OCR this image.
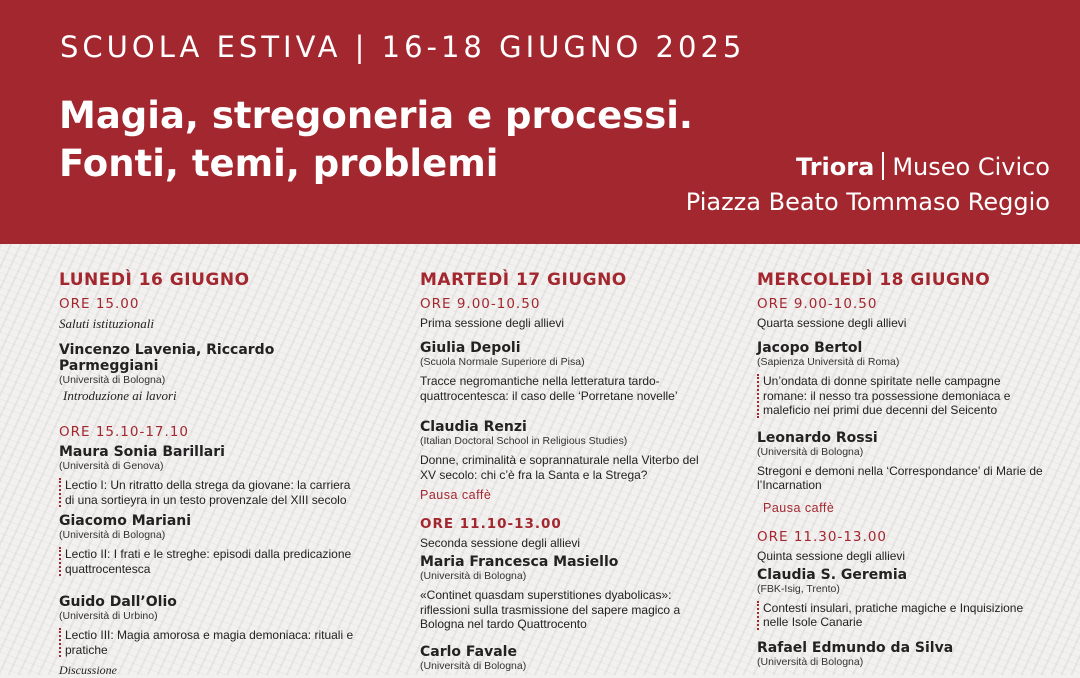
SCUOLA ESTIVA | 16-18 GIUGNO 2025
Magia, stregoneria e processi.
Fonti, temi, problemi	Triora Museo Civico
Piazza Beato Tommaso Reggio
LUNEDÌ 16 GIUGNO
ORE 15.00
Saluti istituzionali
Vincenzo Lavenia, Riccardo Parmeggiani
(Università di Bologna)
Introduzione ai lavori
ORE 15.10-17.10
Maura Sonia Barillari
(Università di Genova)
Lectio I: Un ritratto della strega da giovane: la carriera di una sortieyra in un testo provenzale del XIII secolo
Giacomo Mariani
(Università di Bologna)
Lectio II: I frati e le streghe: episodi dalla predicazione quattrocentesca
Guido Dall’Olio
(Università di Urbino)
Lectio III: Magia amorosa e magia demoniaca: rituali e pratiche
Discussione
MARTEDÌ 17 GIUGNO
ORE 9.00-10.50
Prima sessione degli allievi
Giulia Depoli
(Scuola Normale Superiore di Pisa)
Tracce negromantiche nella letteratura tardo-quattrocentesca: il caso delle ‘Porretane novelle’
Claudia Renzi
(Italian Doctoral School in Religious Studies)
Donne, criminalità e soprannaturale nella Viterbo del XV secolo: chi c’è fra la Santa e la Strega?
Pausa caffè
ORE 11.10-13.00
Seconda sessione degli allievi
Maria Francesca Masiello
(Università di Bologna)
«Continet quasdam superstitiones dyabolicas»: riflessioni sulla trasmissione del sapere magico a Bologna nel tardo Quattrocento
Carlo Favale
(Università di Bologna)
MERCOLEDÌ 18 GIUGNO
ORE 9.00-10.50
Quarta sessione degli allievi
Jacopo Bertol
(Sapienza Università di Roma)
Un’ondata di donne spiritate nelle campagne romane: il nesso tra possessione demoniaca e maleficio nei primi due decenni del Seicento
Leonardo Rossi
(Università di Bologna)
Stregoni e demoni nella ‘Correspondance’ di Marie de l’Incarnation
Pausa caffè
ORE 11.30-13.00
Quinta sessione degli allievi
Claudia S. Geremia
(FBK-Isig, Trento)
Contesti insulari, pratiche magiche e Inquisizione nelle Isole Canarie
Rafael Edmundo da Silva
(Università di Bologna)
